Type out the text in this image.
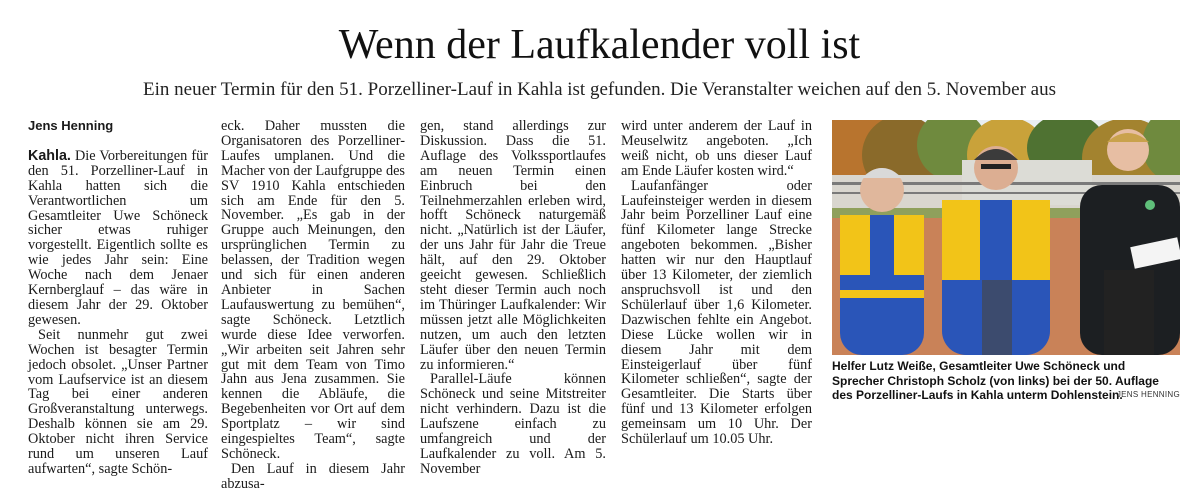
Wenn der Laufkalender voll ist
Ein neuer Termin für den 51. Porzelliner-Lauf in Kahla ist gefunden. Die Veranstalter weichen auf den 5. November aus

Jens Henning

Kahla. Die Vorbereitungen für den 51. Porzelliner-Lauf in Kahla hatten sich die Verantwortlichen um Gesamtleiter Uwe Schöneck sicher etwas ruhiger vorgestellt. Eigentlich sollte es wie jedes Jahr sein: Eine Woche nach dem Jenaer Kernberglauf – das wäre in diesem Jahr der 29. Oktober gewesen.

Seit nunmehr gut zwei Wochen ist besagter Termin jedoch obsolet. „Unser Partner vom Laufservice ist an diesem Tag bei einer anderen Großveranstaltung unterwegs. Deshalb können sie am 29. Oktober nicht ihren Service rund um unseren Lauf aufwarten“, sagte Schön-

eck. Daher mussten die Organisatoren des Porzelliner-Laufes umplanen. Und die Macher von der Laufgruppe des SV 1910 Kahla entschieden sich am Ende für den 5. November. „Es gab in der Gruppe auch Meinungen, den ursprünglichen Termin zu belassen, der Tradition wegen und sich für einen anderen Anbieter in Sachen Laufauswertung zu bemühen“, sagte Schöneck. Letztlich wurde diese Idee verworfen. „Wir arbeiten seit Jahren sehr gut mit dem Team von Timo Jahn aus Jena zusammen. Sie kennen die Abläufe, die Begebenheiten vor Ort auf dem Sportplatz – wir sind eingespieltes Team“, sagte Schöneck.

Den Lauf in diesem Jahr abzusa-

gen, stand allerdings zur Diskussion. Dass die 51. Auflage des Volkssportlaufes am neuen Termin einen Einbruch bei den Teilnehmerzahlen erleben wird, hofft Schöneck naturgemäß nicht. „Natürlich ist der Läufer, der uns Jahr für Jahr die Treue hält, auf den 29. Oktober geeicht gewesen. Schließlich steht dieser Termin auch noch im Thüringer Laufkalender: Wir müssen jetzt alle Möglichkeiten nutzen, um auch den letzten Läufer über den neuen Termin zu informieren.“

Parallel-Läufe können Schöneck und seine Mitstreiter nicht verhindern. Dazu ist die Laufszene einfach zu umfangreich und der Laufkalender zu voll. Am 5. November

wird unter anderem der Lauf in Meuselwitz angeboten. „Ich weiß nicht, ob uns dieser Lauf am Ende Läufer kosten wird.“

Laufanfänger oder Laufeinsteiger werden in diesem Jahr beim Porzelliner Lauf eine fünf Kilometer lange Strecke angeboten bekommen. „Bisher hatten wir nur den Hauptlauf über 13 Kilometer, der ziemlich anspruchsvoll ist und den Schülerlauf über 1,6 Kilometer. Dazwischen fehlte ein Angebot. Diese Lücke wollen wir in diesem Jahr mit dem Einsteigerlauf über fünf Kilometer schließen“, sagte der Gesamtleiter. Die Starts über fünf und 13 Kilometer erfolgen gemeinsam um 10 Uhr. Der Schülerlauf um 10.05 Uhr.

Helfer Lutz Weiße, Gesamtleiter Uwe Schöneck und Sprecher Christoph Scholz (von links) bei der 50. Auflage des Porzelliner-Laufs in Kahla unterm Dohlenstein.
JENS HENNING
